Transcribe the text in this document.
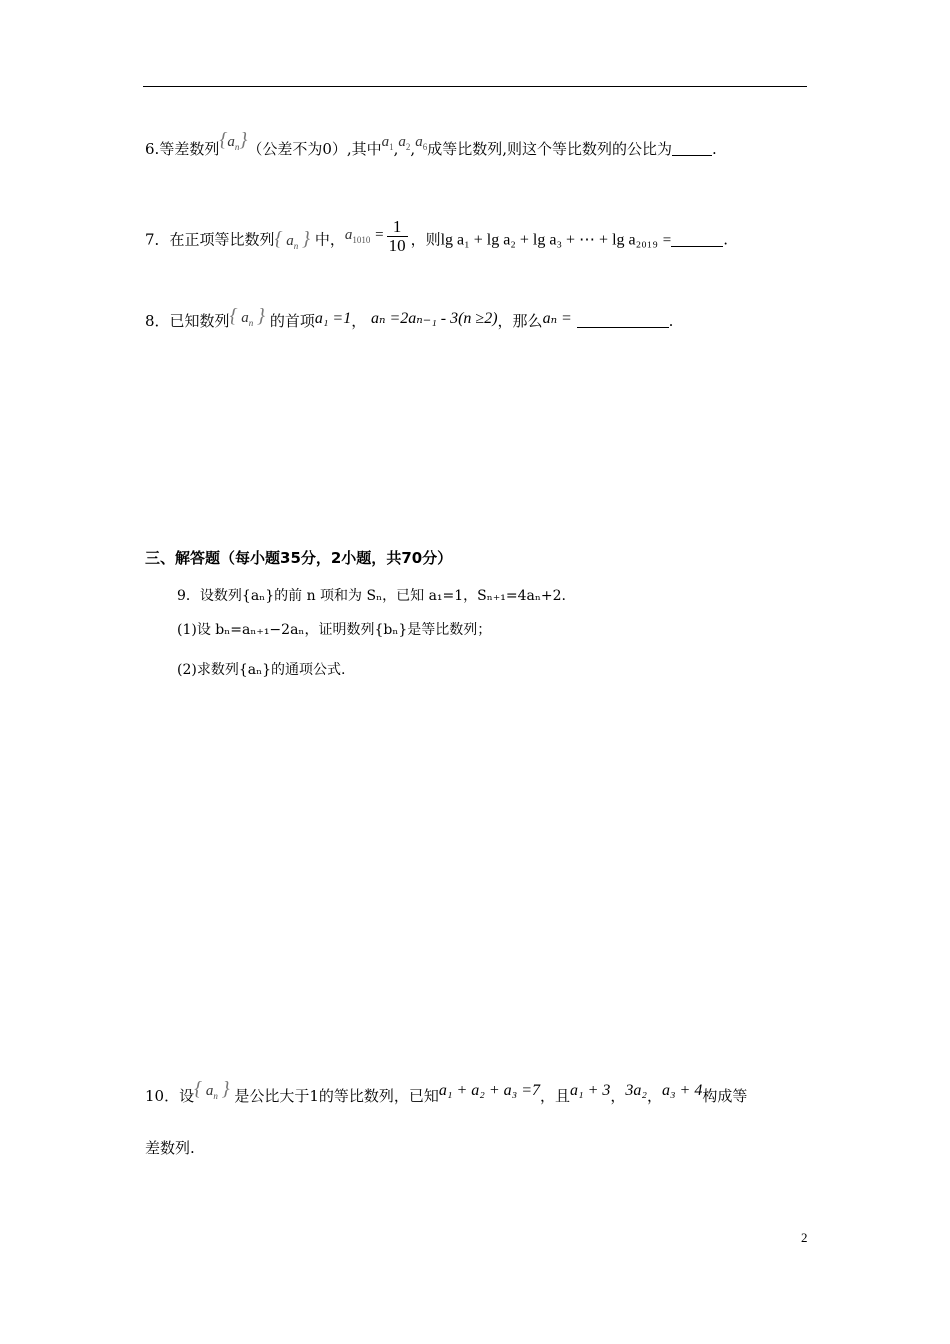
6.等差数列$\{a_n\}$（公差不为0）,其中$a_1,a_2,a_6$成等比数列,则这个等比数列的公比为	.
7．在正项等比数列{ $a_n$ } 中，$a_{1010} = \frac{1}{10}$ ，则lg a₁ + lg a₂ + lg a₃ + ⋯ + lg a₂₀₁₉ =	.
8．已知数列{ $a_n$ } 的首项a₁ =1， aₙ =2aₙ₋₁ - 3(n ≥2)，那么aₙ =	.
三、解答题（每小题35分，2小题，共70分）
9．设数列{aₙ}的前 n 项和为 Sₙ，已知 a₁=1，Sₙ₊₁=4aₙ+2.
(1)设 bₙ=aₙ₊₁−2aₙ，证明数列{bₙ}是等比数列；
(2)求数列{aₙ}的通项公式.
10．设{ $a_n$ } 是公比大于1的等比数列，已知a₁ + a₂ + a₃ =7，且a₁ + 3，3a₂，a₃ + 4构成等
差数列.
2
